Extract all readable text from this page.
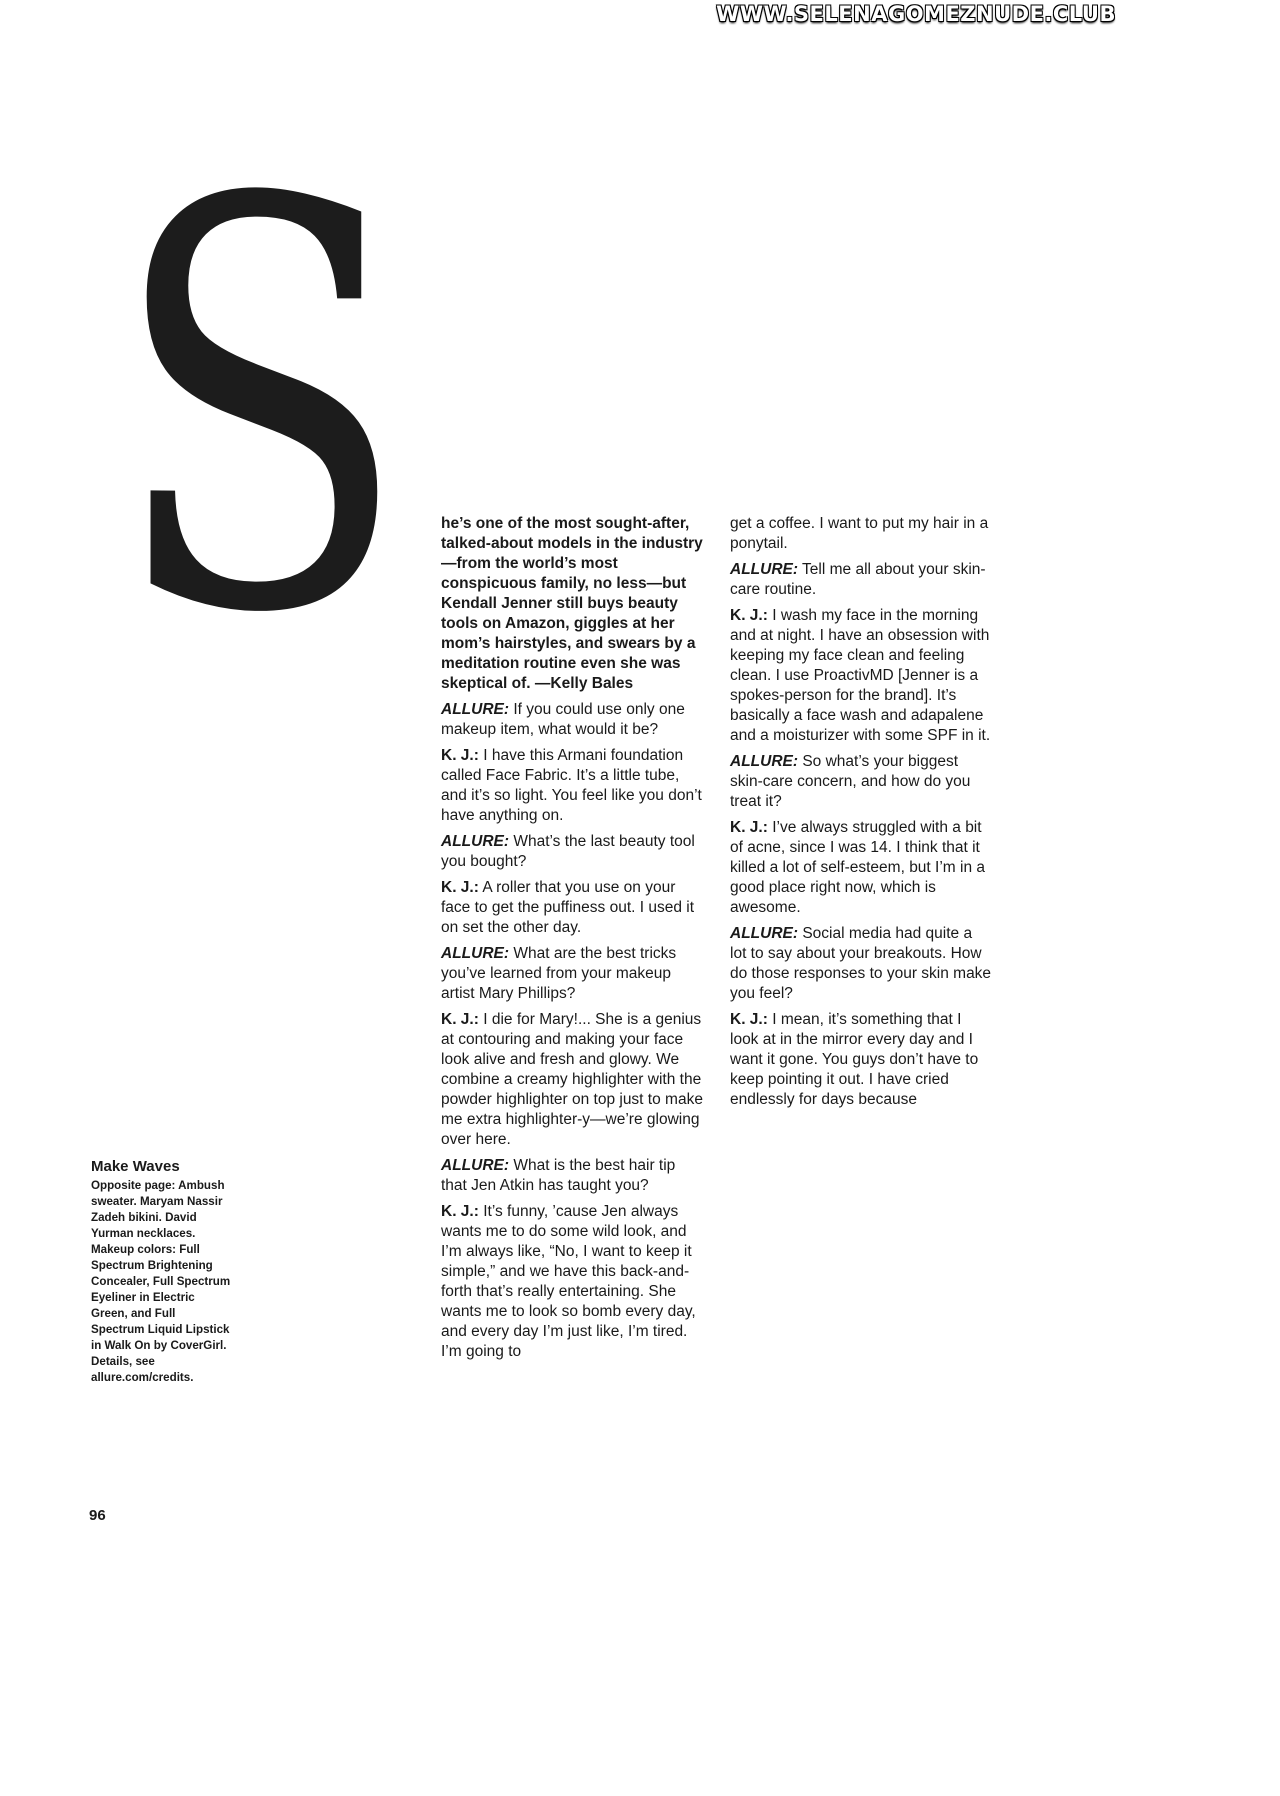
WWW.SELENAGOMEZNUDE.CLUB
S he’s one of the most sought-after, talked-about models in the industry—from the world’s most conspicuous family, no less—but Kendall Jenner still buys beauty tools on Amazon, giggles at her mom’s hairstyles, and swears by a meditation routine even she was skeptical of. —Kelly Bales

ALLURE: If you could use only one makeup item, what would it be?

K. J.: I have this Armani foundation called Face Fabric. It’s a little tube, and it’s so light. You feel like you don’t have anything on.

ALLURE: What’s the last beauty tool you bought?

K. J.: A roller that you use on your face to get the puffiness out. I used it on set the other day.

ALLURE: What are the best tricks you’ve learned from your makeup artist Mary Phillips?

K. J.: I die for Mary!... She is a genius at contouring and making your face look alive and fresh and glowy. We combine a creamy highlighter with the powder highlighter on top just to make me extra highlighter-y—we’re glowing over here.

ALLURE: What is the best hair tip that Jen Atkin has taught you?

K. J.: It’s funny, ’cause Jen always wants me to do some wild look, and I’m always like, “No, I want to keep it simple,” and we have this back-and-forth that’s really entertaining. She wants me to look so bomb every day, and every day I’m just like, I’m tired. I’m going to

get a coffee. I want to put my hair in a ponytail.

ALLURE: Tell me all about your skin-care routine.

K. J.: I wash my face in the morning and at night. I have an obsession with keeping my face clean and feeling clean. I use ProactivMD [Jenner is a spokes-person for the brand]. It’s basically a face wash and adapalene and a moisturizer with some SPF in it.

ALLURE: So what’s your biggest skin-care concern, and how do you treat it?

K. J.: I’ve always struggled with a bit of acne, since I was 14. I think that it killed a lot of self-esteem, but I’m in a good place right now, which is awesome.

ALLURE: Social media had quite a lot to say about your breakouts. How do those responses to your skin make you feel?

K. J.: I mean, it’s something that I look at in the mirror every day and I want it gone. You guys don’t have to keep pointing it out. I have cried endlessly for days because

Make Waves
Opposite page: Ambush sweater. Maryam Nassir Zadeh bikini. David Yurman necklaces. Makeup colors: Full Spectrum Brightening Concealer, Full Spectrum Eyeliner in Electric Green, and Full Spectrum Liquid Lipstick in Walk On by CoverGirl. Details, see allure.com/credits.
96
